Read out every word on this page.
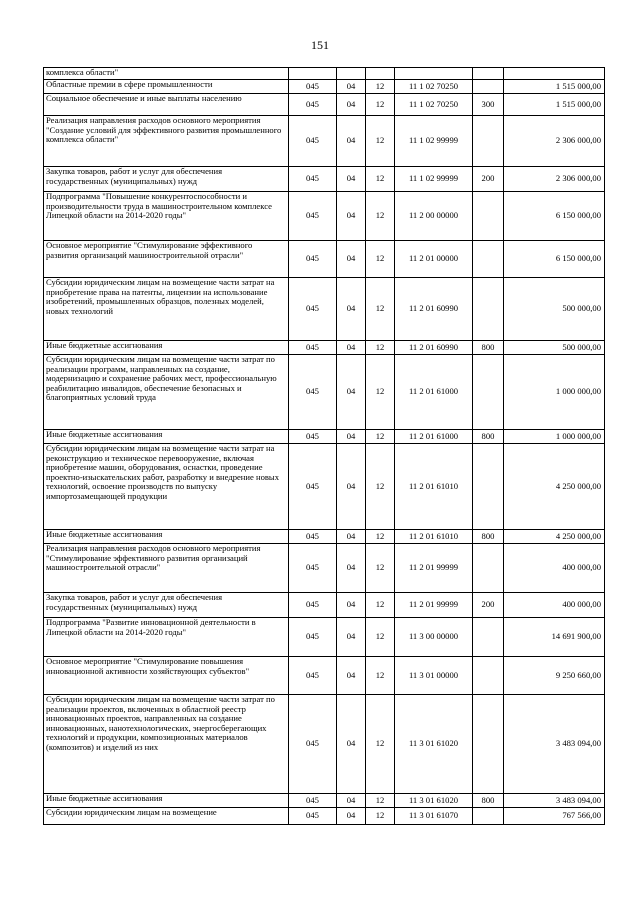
151
комплекса области"						
Областные премии в сфере промышленности	045	04	12	11 1 02 70250		1 515 000,00
Социальное обеспечение и иные выплаты населению	045	04	12	11 1 02 70250	300	1 515 000,00
Реализация направления расходов основного мероприятия "Создание условий для эффективного развития промышленного комплекса области"	045	04	12	11 1 02 99999		2 306 000,00
Закупка товаров, работ и услуг для обеспечения государственных (муниципальных) нужд	045	04	12	11 1 02 99999	200	2 306 000,00
Подпрограмма "Повышение конкурентоспособности и производительности труда в машиностроительном комплексе Липецкой области на 2014-2020 годы"	045	04	12	11 2 00 00000		6 150 000,00
Основное мероприятие "Стимулирование эффективного развития организаций машиностроительной отрасли"	045	04	12	11 2 01 00000		6 150 000,00
Субсидии юридическим лицам на возмещение части затрат на приобретение права на патенты, лицензии на использование изобретений, промышленных образцов, полезных моделей, новых технологий	045	04	12	11 2 01 60990		500 000,00
Иные бюджетные ассигнования	045	04	12	11 2 01 60990	800	500 000,00
Субсидии юридическим лицам на возмещение части затрат по реализации программ, направленных на создание, модернизацию и сохранение рабочих мест, профессиональную реабилитацию инвалидов, обеспечение безопасных и благоприятных условий труда	045	04	12	11 2 01 61000		1 000 000,00
Иные бюджетные ассигнования	045	04	12	11 2 01 61000	800	1 000 000,00
Субсидии юридическим лицам на возмещение части затрат на реконструкцию и техническое перевооружение, включая приобретение машин, оборудования, оснастки, проведение проектно-изыскательских работ, разработку и внедрение новых технологий, освоение производств по выпуску импортозамещающей продукции	045	04	12	11 2 01 61010		4 250 000,00
Иные бюджетные ассигнования	045	04	12	11 2 01 61010	800	4 250 000,00
Реализация направления расходов основного мероприятия "Стимулирование эффективного развития организаций машиностроительной отрасли"	045	04	12	11 2 01 99999		400 000,00
Закупка товаров, работ и услуг для обеспечения государственных (муниципальных) нужд	045	04	12	11 2 01 99999	200	400 000,00
Подпрограмма "Развитие инновационной деятельности в Липецкой области на 2014-2020 годы"	045	04	12	11 3 00 00000		14 691 900,00
Основное мероприятие "Стимулирование повышения инновационной активности хозяйствующих субъектов"	045	04	12	11 3 01 00000		9 250 660,00
Субсидии юридическим лицам на возмещение части затрат по реализации проектов, включенных в областной реестр инновационных проектов, направленных на создание инновационных, нанотехнологических, энергосберегающих технологий и продукции, композиционных материалов (композитов) и изделий из них	045	04	12	11 3 01 61020		3 483 094,00
Иные бюджетные ассигнования	045	04	12	11 3 01 61020	800	3 483 094,00
Субсидии юридическим лицам на возмещение	045	04	12	11 3 01 61070		767 566,00
